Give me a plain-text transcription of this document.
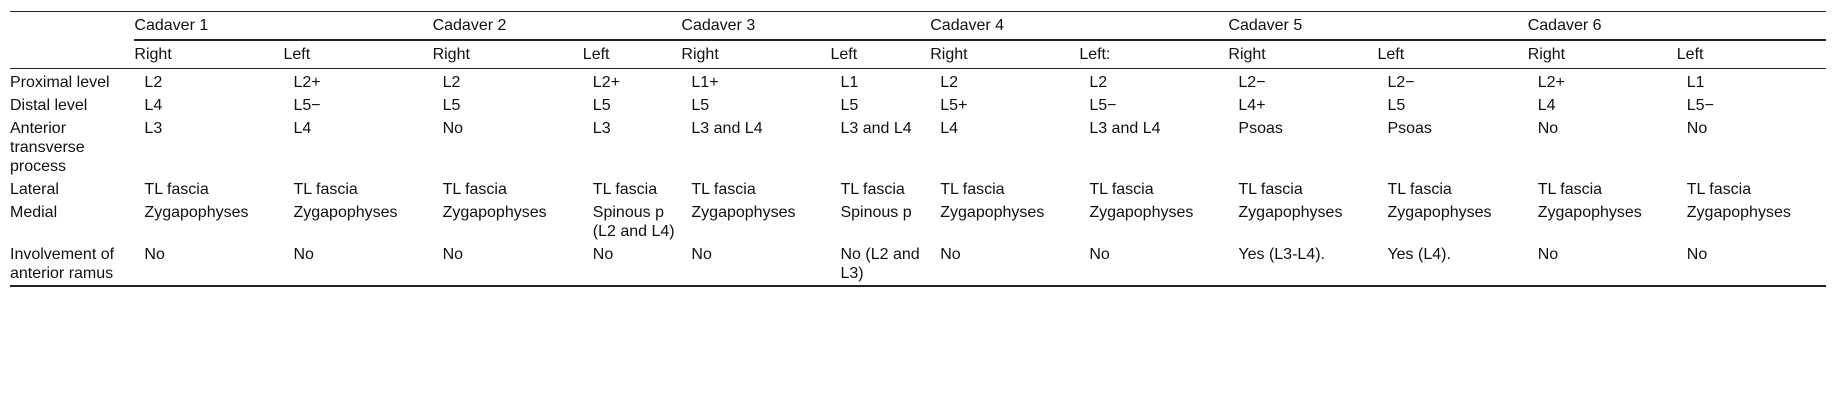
	Cadaver 1		Cadaver 2		Cadaver 3		Cadaver 4		Cadaver 5		Cadaver 6	
	Right	Left	Right	Left	Right	Left	Right	Left:	Right	Left	Right	Left
Proximal level	L2	L2+	L2	L2+	L1+	L1	L2	L2	L2−	L2−	L2+	L1
Distal level	L4	L5−	L5	L5	L5	L5	L5+	L5−	L4+	L5	L4	L5−
Anterior transverse process	L3	L4	No	L3	L3 and L4	L3 and L4	L4	L3 and L4	Psoas	Psoas	No	No
Lateral	TL fascia	TL fascia	TL fascia	TL fascia	TL fascia	TL fascia	TL fascia	TL fascia	TL fascia	TL fascia	TL fascia	TL fascia
Medial	Zygapophyses	Zygapophyses	Zygapophyses	Spinous p (L2 and L4)	Zygapophyses	Spinous p	Zygapophyses	Zygapophyses	Zygapophyses	Zygapophyses	Zygapophyses	Zygapophyses
Involvement of anterior ramus	No	No	No	No	No	No (L2 and L3)	No	No	Yes (L3-L4).	Yes (L4).	No	No
